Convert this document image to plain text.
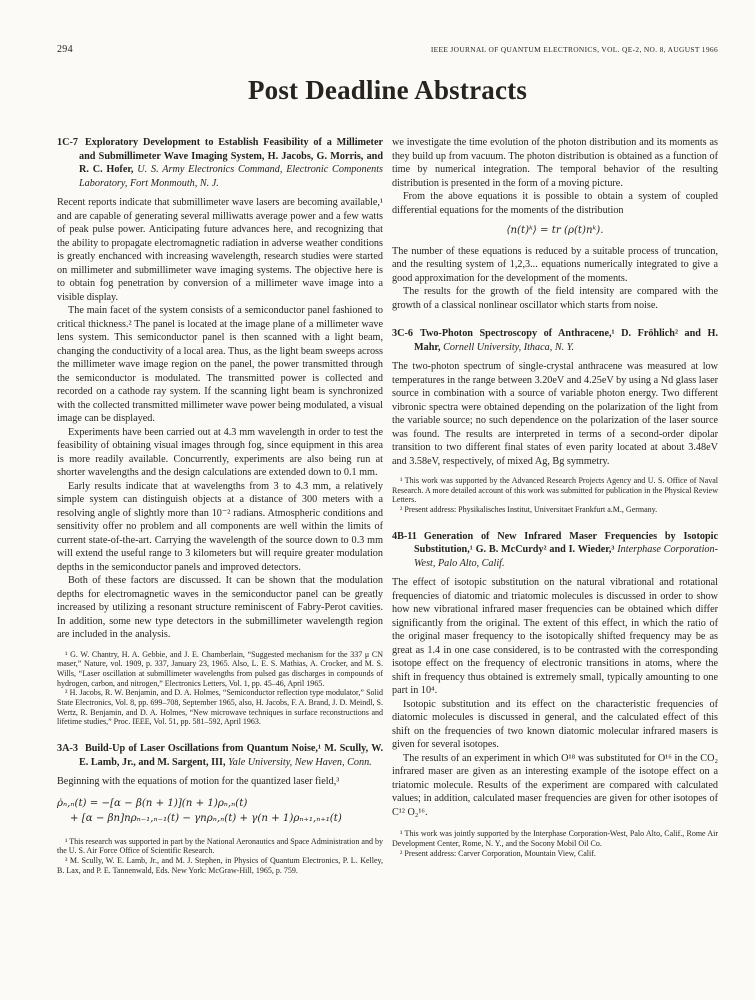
294	IEEE JOURNAL OF QUANTUM ELECTRONICS, VOL. QE-2, NO. 8, AUGUST 1966
Post Deadline Abstracts

1C-7 Exploratory Development to Establish Feasibility of a Millimeter and Submillimeter Wave Imaging System, H. Jacobs, G. Morris, and R. C. Hofer, U. S. Army Electronics Command, Electronic Components Laboratory, Fort Monmouth, N. J.

Recent reports indicate that submillimeter wave lasers are becoming available,¹ and are capable of generating several milliwatts average power and a few watts of peak pulse power. Anticipating future advances here, and recognizing that the ability to propagate electromagnetic radiation in adverse weather conditions is greatly enchanced with increasing wavelength, research studies were started on millimeter and submillimeter wave imaging systems. The objective here is to obtain fog penetration by conversion of a millimeter wave image into a visible display.

The main facet of the system consists of a semiconductor panel fashioned to critical thickness.² The panel is located at the image plane of a millimeter wave lens system. This semiconductor panel is then scanned with a light beam, changing the conductivity of a local area. Thus, as the light beam sweeps across the millimeter wave image region on the panel, the power transmitted through the semiconductor is modulated. The transmitted power is collected and recorded on a cathode ray system. If the scanning light beam is synchronized with the collected transmitted millimeter wave power being modulated, a visual image can be displayed.

Experiments have been carried out at 4.3 mm wavelength in order to test the feasibility of obtaining visual images through fog, since equipment in this area is more readily available. Concurrently, experiments are also being run at shorter wavelengths and the design calculations are extended down to 0.1 mm.

Early results indicate that at wavelengths from 3 to 4.3 mm, a relatively simple system can distinguish objects at a distance of 300 meters with a resolving angle of slightly more than 10⁻² radians. Atmospheric conditions and sensitivity offer no problem and all components are well within the limits of current state-of-the-art. Carrying the wavelength of the source down to 0.3 mm will extend the useful range to 3 kilometers but will require greater modulation depths in the semiconductor panels and improved detectors.

Both of these factors are discussed. It can be shown that the modulation depths for electromagnetic waves in the semiconductor panel can be greatly increased by utilizing a resonant structure reminiscent of Fabry-Perot cavities. In addition, some new type detectors in the submillimeter wavelength region are included in the analysis.

¹ G. W. Chantry, H. A. Gebbie, and J. E. Chamberlain, “Suggested mechanism for the 337 μ CN maser,” Nature, vol. 1909, p. 337, January 23, 1965. Also, L. E. S. Mathias, A. Crocker, and M. S. Wills, “Laser oscillation at submillimeter wavelengths from pulsed gas discharges in compounds of hydrogen, carbon, and nitrogen,” Electronics Letters, Vol. 1, pp. 45–46, April 1965.

² H. Jacobs, R. W. Benjamin, and D. A. Holmes, “Semiconductor reflection type modulator,” Solid State Electronics, Vol. 8, pp. 699–708, September 1965, also, H. Jacobs, F. A. Brand, J. D. Meindl, S. Wertz, R. Benjamin, and D. A. Holmes, “New microwave techniques in surface reconstructions and lifetime studies,” Proc. IEEE, Vol. 51, pp. 581–592, April 1963.

3A-3 Build-Up of Laser Oscillations from Quantum Noise,¹ M. Scully, W. E. Lamb, Jr., and M. Sargent, III, Yale University, New Haven, Conn.

Beginning with the equations of motion for the quantized laser field,³

ρ̇ₙ,ₙ(t) = −[α − β(n + 1)](n + 1)ρₙ,ₙ(t)
+ [α − βn]nρₙ₋₁,ₙ₋₁(t) − γnρₙ,ₙ(t) + γ(n + 1)ρₙ₊₁,ₙ₊₁(t)

¹ This research was supported in part by the National Aeronautics and Space Administration and by the U. S. Air Force Office of Scientific Research.

³ M. Scully, W. E. Lamb, Jr., and M. J. Stephen, in Physics of Quantum Electronics, P. L. Kelley, B. Lax, and P. E. Tannenwald, Eds. New York: McGraw-Hill, 1965, p. 759.

we investigate the time evolution of the photon distribution and its moments as they build up from vacuum. The photon distribution is obtained as a function of time by numerical integration. The temporal behavior of the resulting distribution is presented in the form of a moving picture.

From the above equations it is possible to obtain a system of coupled differential equations for the moments of the distribution

⟨n(t)ᵏ⟩ = tr (ρ(t)nᵏ).

The number of these equations is reduced by a suitable process of truncation, and the resulting system of 1,2,3... equations numerically integrated to give a good approximation for the development of the moments.

The results for the growth of the field intensity are compared with the growth of a classical nonlinear oscillator which starts from noise.

3C-6 Two-Photon Spectroscopy of Anthracene,¹ D. Fröhlich² and H. Mahr, Cornell University, Ithaca, N. Y.

The two-photon spectrum of single-crystal anthracene was measured at low temperatures in the range between 3.20eV and 4.25eV by using a Nd glass laser source in combination with a source of variable photon energy. Two different vibronic spectra were obtained depending on the polarization of the light from the variable source; no such dependence on the polarization of the laser source was found. The results are interpreted in terms of a second-order dipolar transition to two different final states of even parity located at about 3.48eV and 3.58eV, respectively, of mixed Ag, Bg symmetry.

¹ This work was supported by the Advanced Research Projects Agency and U. S. Office of Naval Research. A more detailed account of this work was submitted for publication in the Physical Review Letters.

² Present address: Physikalisches Institut, Universitaet Frankfurt a.M., Germany.

4B-11 Generation of New Infrared Maser Frequencies by Isotopic Substitution,¹ G. B. McCurdy² and I. Wieder,³ Interphase Corporation-West, Palo Alto, Calif.

The effect of isotopic substitution on the natural vibrational and rotational frequencies of diatomic and triatomic molecules is discussed in order to show how new vibrational infrared maser frequencies can be obtained which differ significantly from the original. The extent of this effect, in which the ratio of the original maser frequency to the isotopically shifted frequency may be as great as 1.4 in one case considered, is to be contrasted with the corresponding isotope effect on the frequency of electronic transitions in atoms, where the shift in frequency thus obtained is extremely small, typically amounting to one part in 10⁴.

Isotopic substitution and its effect on the characteristic frequencies of diatomic molecules is discussed in general, and the calculated effect of this shift on the frequencies of two known diatomic molecular infrared masers is given for several isotopes.

The results of an experiment in which O¹⁸ was substituted for O¹⁶ in the CO₂ infrared maser are given as an interesting example of the isotope effect on a triatomic molecule. Results of the experiment are compared with calculated values; in addition, calculated maser frequencies are given for other isotopes of C¹² O₂¹⁶.

¹ This work was jointly supported by the Interphase Corporation-West, Palo Alto, Calif., Rome Air Development Center, Rome, N. Y., and the Socony Mobil Oil Co.

² Present address: Carver Corporation, Mountain View, Calif.
